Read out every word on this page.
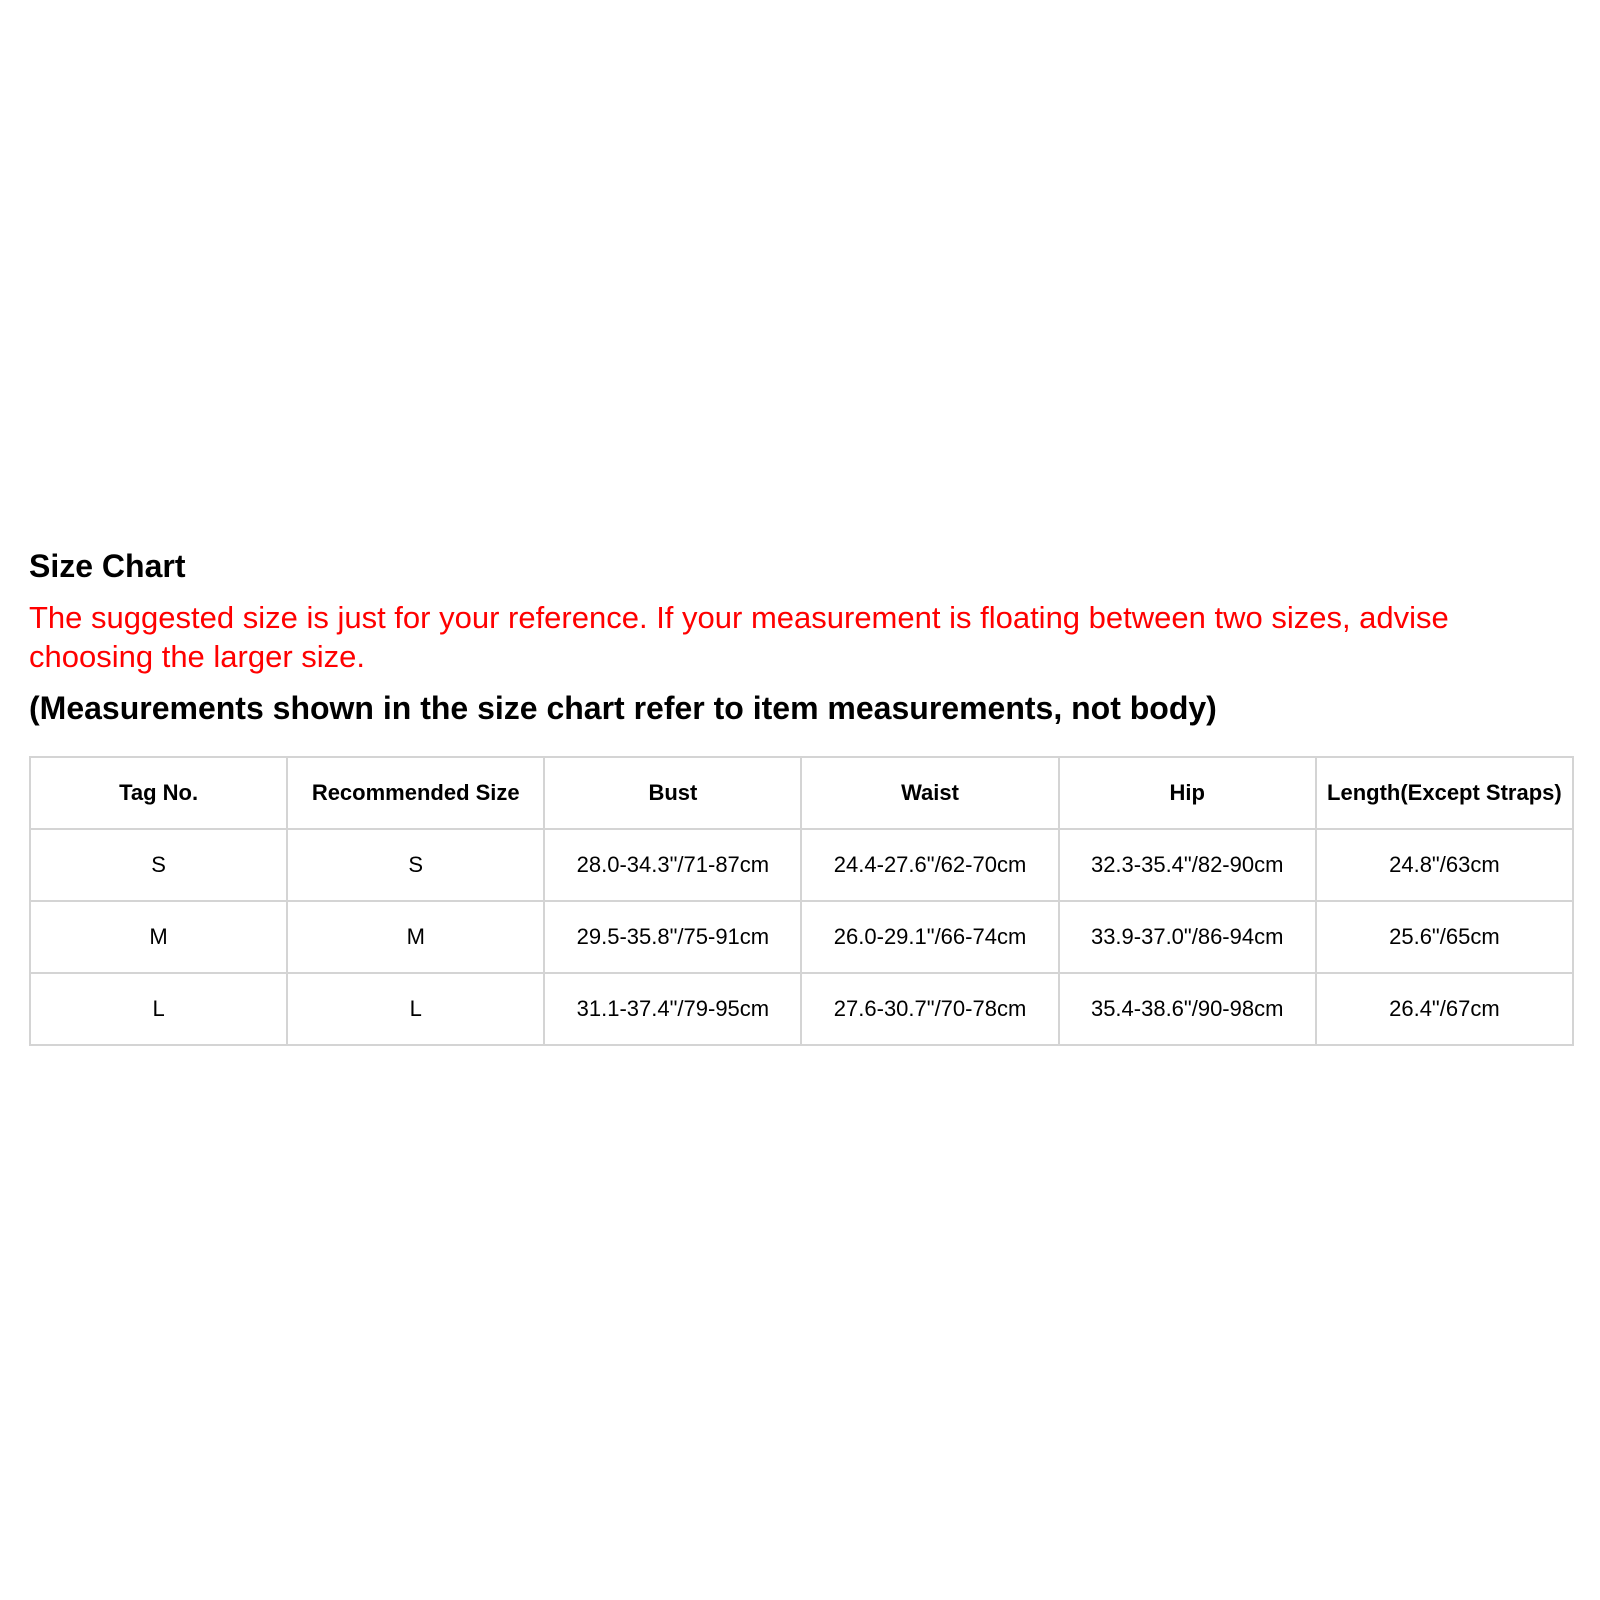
Size Chart

The suggested size is just for your reference. If your measurement is floating between two sizes, advise choosing the larger size.

(Measurements shown in the size chart refer to item measurements, not body)

Tag No.	Recommended Size	Bust	Waist	Hip	Length(Except Straps)
S	S	28.0-34.3"/71-87cm	24.4-27.6"/62-70cm	32.3-35.4"/82-90cm	24.8"/63cm
M	M	29.5-35.8"/75-91cm	26.0-29.1"/66-74cm	33.9-37.0"/86-94cm	25.6"/65cm
L	L	31.1-37.4"/79-95cm	27.6-30.7"/70-78cm	35.4-38.6"/90-98cm	26.4"/67cm
